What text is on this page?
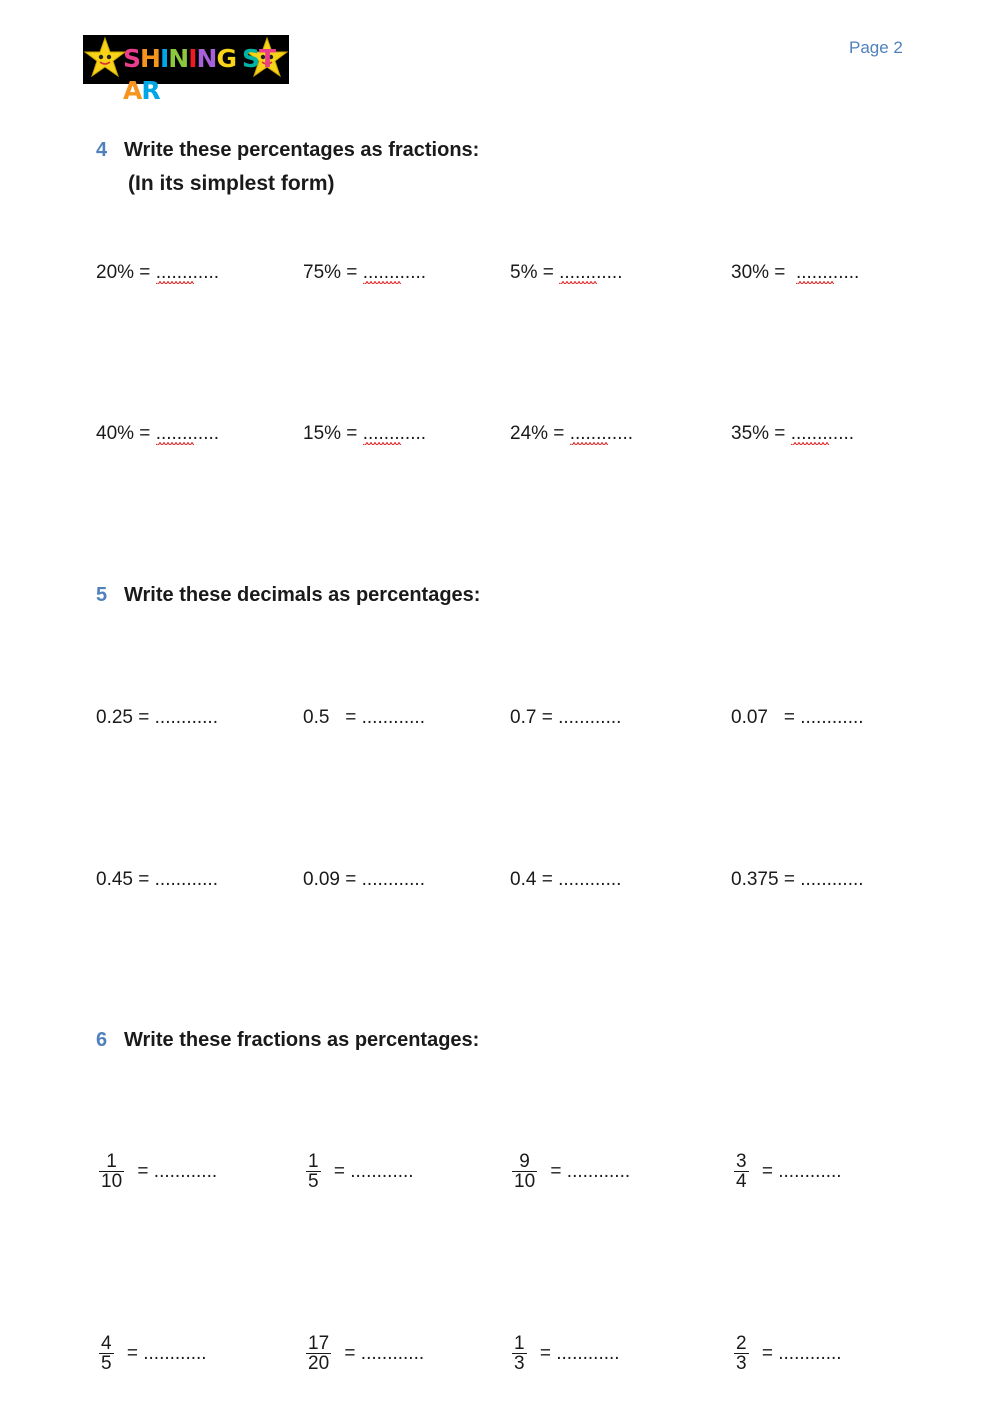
SHINING STAR
Page 2
4 Write these percentages as fractions:
(In its simplest form)
20% = ............	75% = ............	5% = ............	30% =  ............
40% = ............	15% = ............	24% = ............	35% = ............
5 Write these decimals as percentages:
0.25 = ............	0.5   = ............	0.7 = ............	0.07   = ............
0.45 = ............	0.09 = ............	0.4 = ............	0.375 = ............
6 Write these fractions as percentages:
$\frac{1}{10}$ = ............	$\frac{1}{5}$ = ............	$\frac{9}{10}$ = ............	$\frac{3}{4}$ = ............
$\frac{4}{5}$ = ............	$\frac{17}{20}$ = ............	$\frac{1}{3}$ = ............	$\frac{2}{3}$ = ............
